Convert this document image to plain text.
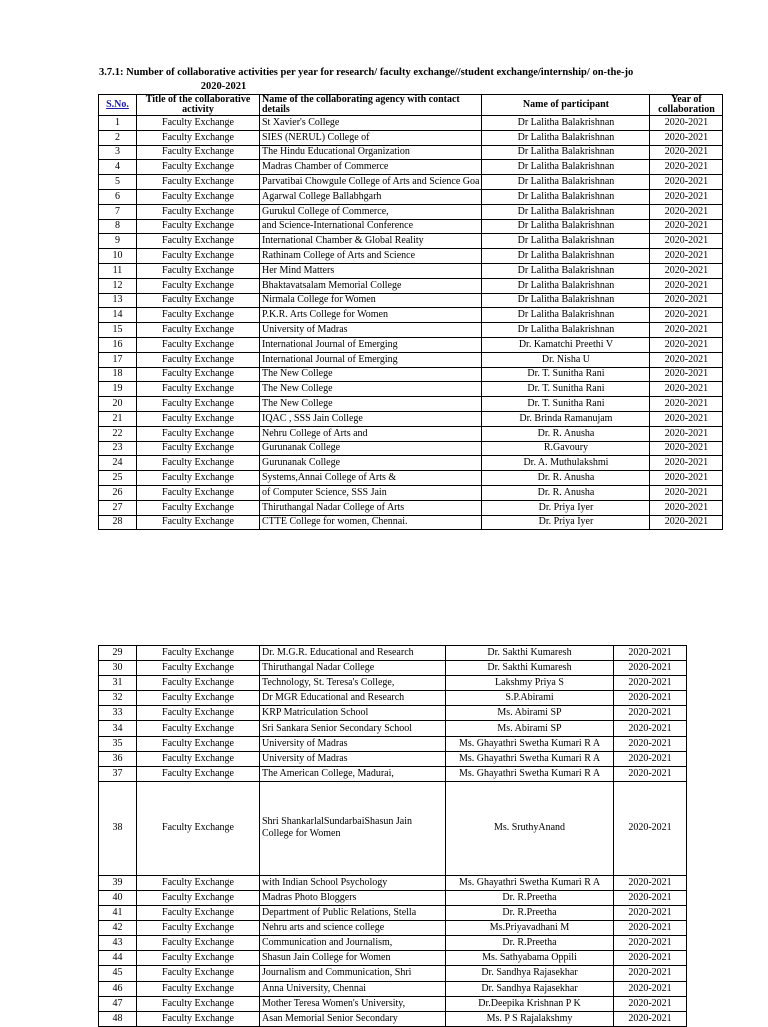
3.7.1: Number of collaborative activities per year for research/ faculty exchange//student exchange/internship/ on-the-jo
2020-2021
S.No.	Title of the collaborative activity	Name of the collaborating agency with contact details	Name of participant	Year of collaboration
1	Faculty Exchange	St Xavier's College	Dr Lalitha Balakrishnan	2020-2021
2	Faculty Exchange	SIES (NERUL) College of	Dr Lalitha Balakrishnan	2020-2021
3	Faculty Exchange	The Hindu Educational Organization	Dr Lalitha Balakrishnan	2020-2021
4	Faculty Exchange	Madras Chamber of Commerce	Dr Lalitha Balakrishnan	2020-2021
5	Faculty Exchange	Parvatibai Chowgule College of Arts and Science Goa	Dr Lalitha Balakrishnan	2020-2021
6	Faculty Exchange	Agarwal College Ballabhgarh	Dr Lalitha Balakrishnan	2020-2021
7	Faculty Exchange	Gurukul College of Commerce,	Dr Lalitha Balakrishnan	2020-2021
8	Faculty Exchange	and Science-International Conference	Dr Lalitha Balakrishnan	2020-2021
9	Faculty Exchange	International Chamber & Global Reality	Dr Lalitha Balakrishnan	2020-2021
10	Faculty Exchange	Rathinam College of Arts and Science	Dr Lalitha Balakrishnan	2020-2021
11	Faculty Exchange	Her Mind Matters	Dr Lalitha Balakrishnan	2020-2021
12	Faculty Exchange	Bhaktavatsalam Memorial College	Dr Lalitha Balakrishnan	2020-2021
13	Faculty Exchange	Nirmala College for Women	Dr Lalitha Balakrishnan	2020-2021
14	Faculty Exchange	P.K.R. Arts College for Women	Dr Lalitha Balakrishnan	2020-2021
15	Faculty Exchange	University of Madras	Dr Lalitha Balakrishnan	2020-2021
16	Faculty Exchange	International Journal of Emerging	Dr. Kamatchi Preethi V	2020-2021
17	Faculty Exchange	International Journal of Emerging	Dr. Nisha U	2020-2021
18	Faculty Exchange	The New College	Dr. T. Sunitha Rani	2020-2021
19	Faculty Exchange	The New College	Dr. T. Sunitha Rani	2020-2021
20	Faculty Exchange	The New College	Dr. T. Sunitha Rani	2020-2021
21	Faculty Exchange	IQAC , SSS Jain College	Dr. Brinda Ramanujam	2020-2021
22	Faculty Exchange	Nehru College of Arts and	Dr. R. Anusha	2020-2021
23	Faculty Exchange	Gurunanak College	R.Gavoury	2020-2021
24	Faculty Exchange	Gurunanak College	Dr. A. Muthulakshmi	2020-2021
25	Faculty Exchange	Systems,Annai College of Arts &	Dr. R. Anusha	2020-2021
26	Faculty Exchange	of Computer Science, SSS Jain	Dr. R. Anusha	2020-2021
27	Faculty Exchange	Thiruthangal Nadar College of Arts	Dr. Priya Iyer	2020-2021
28	Faculty Exchange	CTTE College for women, Chennai.	Dr. Priya Iyer	2020-2021
29	Faculty Exchange	Dr. M.G.R. Educational and Research	Dr. Sakthi Kumaresh	2020-2021
30	Faculty Exchange	Thiruthangal Nadar College	Dr. Sakthi Kumaresh	2020-2021
31	Faculty Exchange	Technology, St. Teresa's College,	Lakshmy Priya S	2020-2021
32	Faculty Exchange	Dr MGR Educational and Research	S.P.Abirami	2020-2021
33	Faculty Exchange	KRP Matriculation School	Ms. Abirami SP	2020-2021
34	Faculty Exchange	Sri Sankara Senior Secondary School	Ms. Abirami SP	2020-2021
35	Faculty Exchange	University of Madras	Ms. Ghayathri Swetha Kumari R A	2020-2021
36	Faculty Exchange	University of Madras	Ms. Ghayathri Swetha Kumari R A	2020-2021
37	Faculty Exchange	The American College, Madurai,	Ms. Ghayathri Swetha Kumari R A	2020-2021
38	Faculty Exchange	Shri ShankarlalSundarbaiShasun Jain College for Women	Ms. SruthyAnand	2020-2021
39	Faculty Exchange	with Indian School Psychology	Ms. Ghayathri Swetha Kumari R A	2020-2021
40	Faculty Exchange	Madras Photo Bloggers	Dr. R.Preetha	2020-2021
41	Faculty Exchange	Department of Public Relations, Stella	Dr. R.Preetha	2020-2021
42	Faculty Exchange	Nehru arts and science college	Ms.Priyavadhani M	2020-2021
43	Faculty Exchange	Communication and Journalism,	Dr. R.Preetha	2020-2021
44	Faculty Exchange	Shasun Jain College for Women	Ms. Sathyabama Oppili	2020-2021
45	Faculty Exchange	Journalism and Communication, Shri	Dr. Sandhya Rajasekhar	2020-2021
46	Faculty Exchange	Anna University, Chennai	Dr. Sandhya Rajasekhar	2020-2021
47	Faculty Exchange	Mother Teresa Women's University,	Dr.Deepika Krishnan P K	2020-2021
48	Faculty Exchange	Asan Memorial Senior Secondary	Ms. P S Rajalakshmy	2020-2021
